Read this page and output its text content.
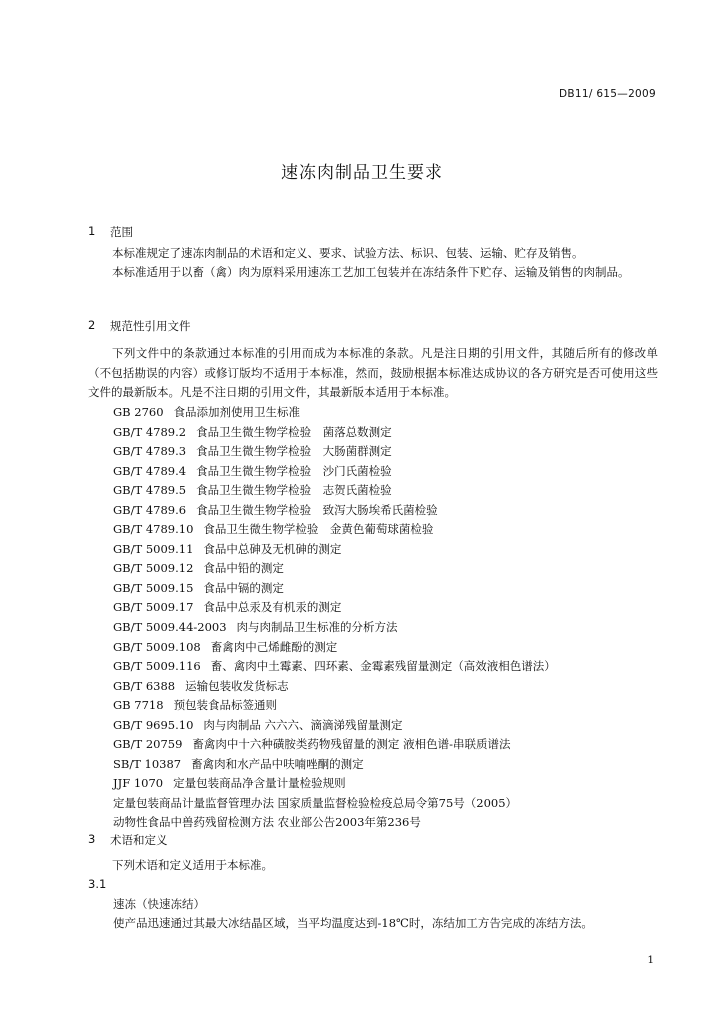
DB11/ 615—2009
速冻肉制品卫生要求
1	范围

本标准规定了速冻肉制品的术语和定义、要求、试验方法、标识、包装、运输、贮存及销售。

本标准适用于以畜（禽）肉为原料采用速冻工艺加工包装并在冻结条件下贮存、运输及销售的肉制品。

2	规范性引用文件

下列文件中的条款通过本标准的引用而成为本标准的条款。凡是注日期的引用文件，其随后所有的修改单（不包括勘误的内容）或修订版均不适用于本标准，然而，鼓励根据本标准达成协议的各方研究是否可使用这些文件的最新版本。凡是不注日期的引用文件，其最新版本适用于本标准。

GB 2760 食品添加剂使用卫生标准
GB/T 4789.2 食品卫生微生物学检验　菌落总数测定
GB/T 4789.3 食品卫生微生物学检验　大肠菌群测定
GB/T 4789.4 食品卫生微生物学检验　沙门氏菌检验
GB/T 4789.5 食品卫生微生物学检验　志贺氏菌检验
GB/T 4789.6 食品卫生微生物学检验　致泻大肠埃希氏菌检验
GB/T 4789.10 食品卫生微生物学检验　金黄色葡萄球菌检验
GB/T 5009.11 食品中总砷及无机砷的测定
GB/T 5009.12 食品中铅的测定
GB/T 5009.15 食品中镉的测定
GB/T 5009.17 食品中总汞及有机汞的测定
GB/T 5009.44-2003 肉与肉制品卫生标准的分析方法
GB/T 5009.108 畜禽肉中己烯雌酚的测定
GB/T 5009.116 畜、禽肉中土霉素、四环素、金霉素残留量测定（高效液相色谱法）
GB/T 6388 运输包装收发货标志
GB 7718 预包装食品标签通则
GB/T 9695.10 肉与肉制品 六六六、滴滴涕残留量测定
GB/T 20759 畜禽肉中十六种磺胺类药物残留量的测定 液相色谱-串联质谱法
SB/T 10387 畜禽肉和水产品中呋喃唑酮的测定
JJF 1070 定量包装商品净含量计量检验规则
定量包装商品计量监督管理办法 国家质量监督检验检疫总局令第75号（2005）
动物性食品中兽药残留检测方法 农业部公告2003年第236号
3	术语和定义

下列术语和定义适用于本标准。

3.1
速冻（快速冻结）
使产品迅速通过其最大冰结晶区域，当平均温度达到-18℃时，冻结加工方告完成的冻结方法。
1
